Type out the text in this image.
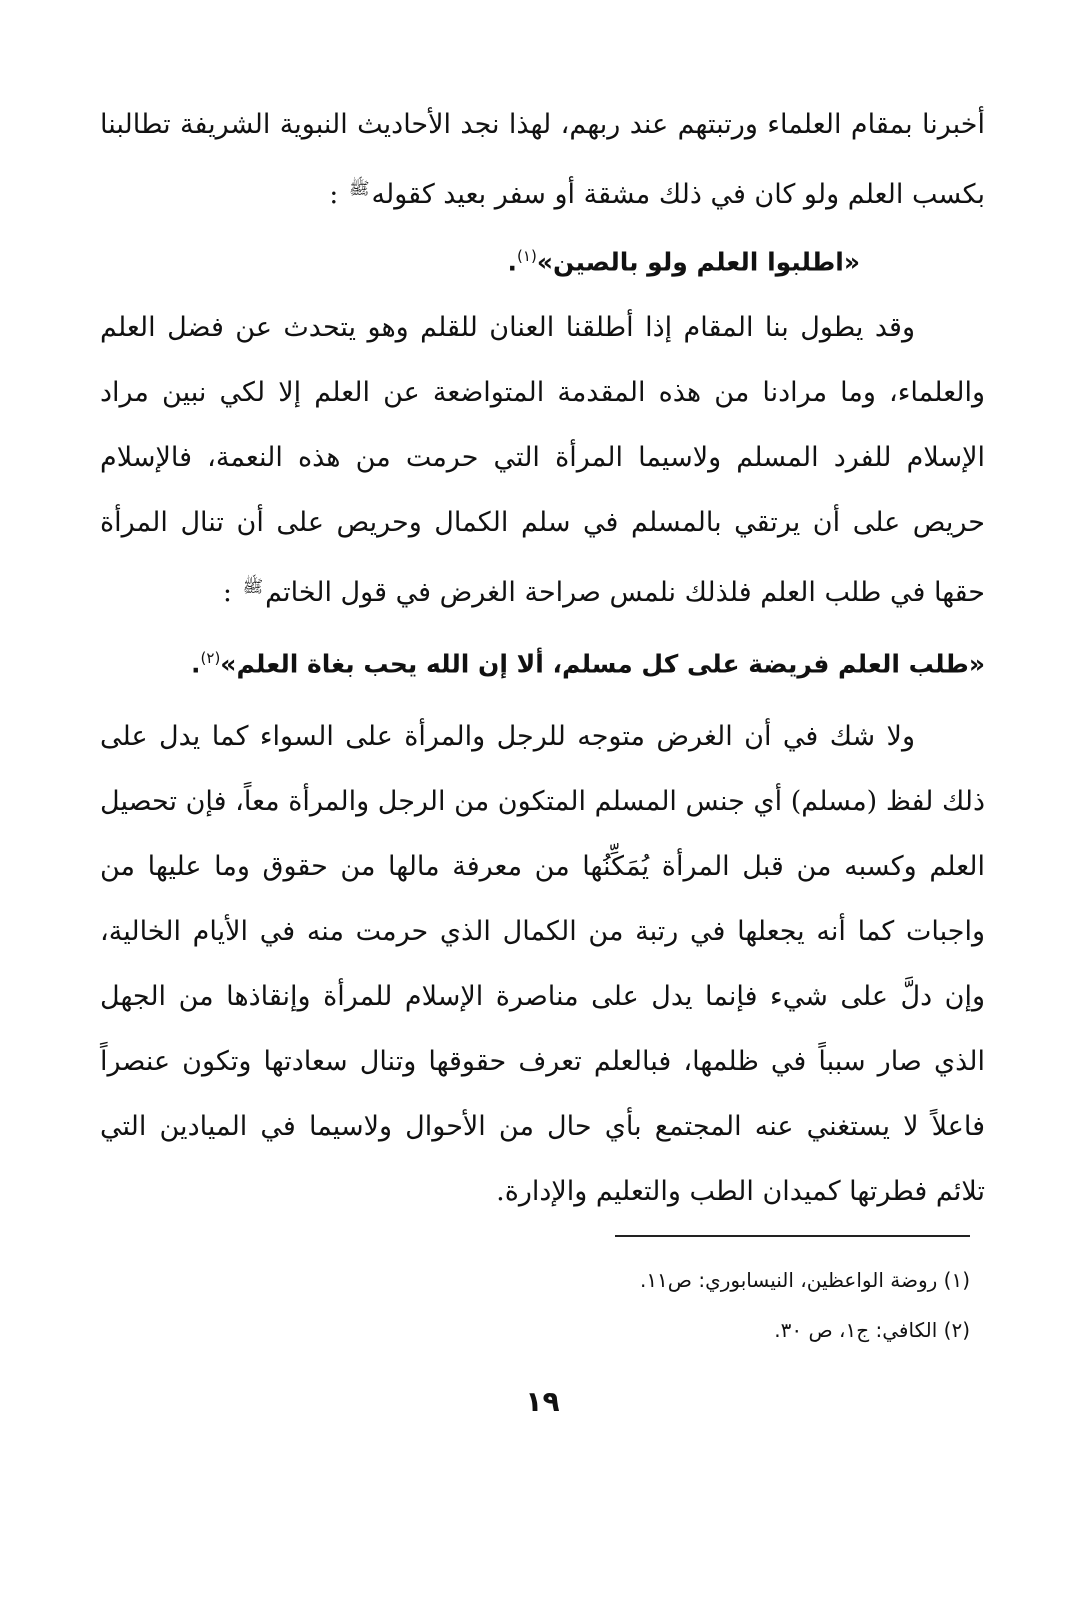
أخبرنا بمقام العلماء ورتبتهم عند ربهم، لهذا نجد الأحاديث النبوية الشريفة تطالبنا بكسب العلم ولو كان في ذلك مشقة أو سفر بعيد كقوله$^ﷺ$ :

«اطلبوا العلم ولو بالصين»$^{(١)}$.

وقد يطول بنا المقام إذا أطلقنا العنان للقلم وهو يتحدث عن فضل العلم والعلماء، وما مرادنا من هذه المقدمة المتواضعة عن العلم إلا لكي نبين مراد الإسلام للفرد المسلم ولاسيما المرأة التي حرمت من هذه النعمة، فالإسلام حريص على أن يرتقي بالمسلم في سلم الكمال وحريص على أن تنال المرأة حقها في طلب العلم فلذلك نلمس صراحة الغرض في قول الخاتم$^ﷺ$ :

«طلب العلم فريضة على كل مسلم، ألا إن الله يحب بغاة العلم»$^{(٢)}$.

ولا شك في أن الغرض متوجه للرجل والمرأة على السواء كما يدل على ذلك لفظ (مسلم) أي جنس المسلم المتكون من الرجل والمرأة معاً، فإن تحصيل العلم وكسبه من قبل المرأة يُمَكِّنُها من معرفة مالها من حقوق وما عليها من واجبات كما أنه يجعلها في رتبة من الكمال الذي حرمت منه في الأيام الخالية، وإن دلَّ على شيء فإنما يدل على مناصرة الإسلام للمرأة وإنقاذها من الجهل الذي صار سبباً في ظلمها، فبالعلم تعرف حقوقها وتنال سعادتها وتكون عنصراً فاعلاً لا يستغني عنه المجتمع بأي حال من الأحوال ولاسيما في الميادين التي تلائم فطرتها كميدان الطب والتعليم والإدارة.

(١) روضة الواعظين، النيسابوري: ص١١.

(٢) الكافي: ج١، ص ٣٠.

١٩
